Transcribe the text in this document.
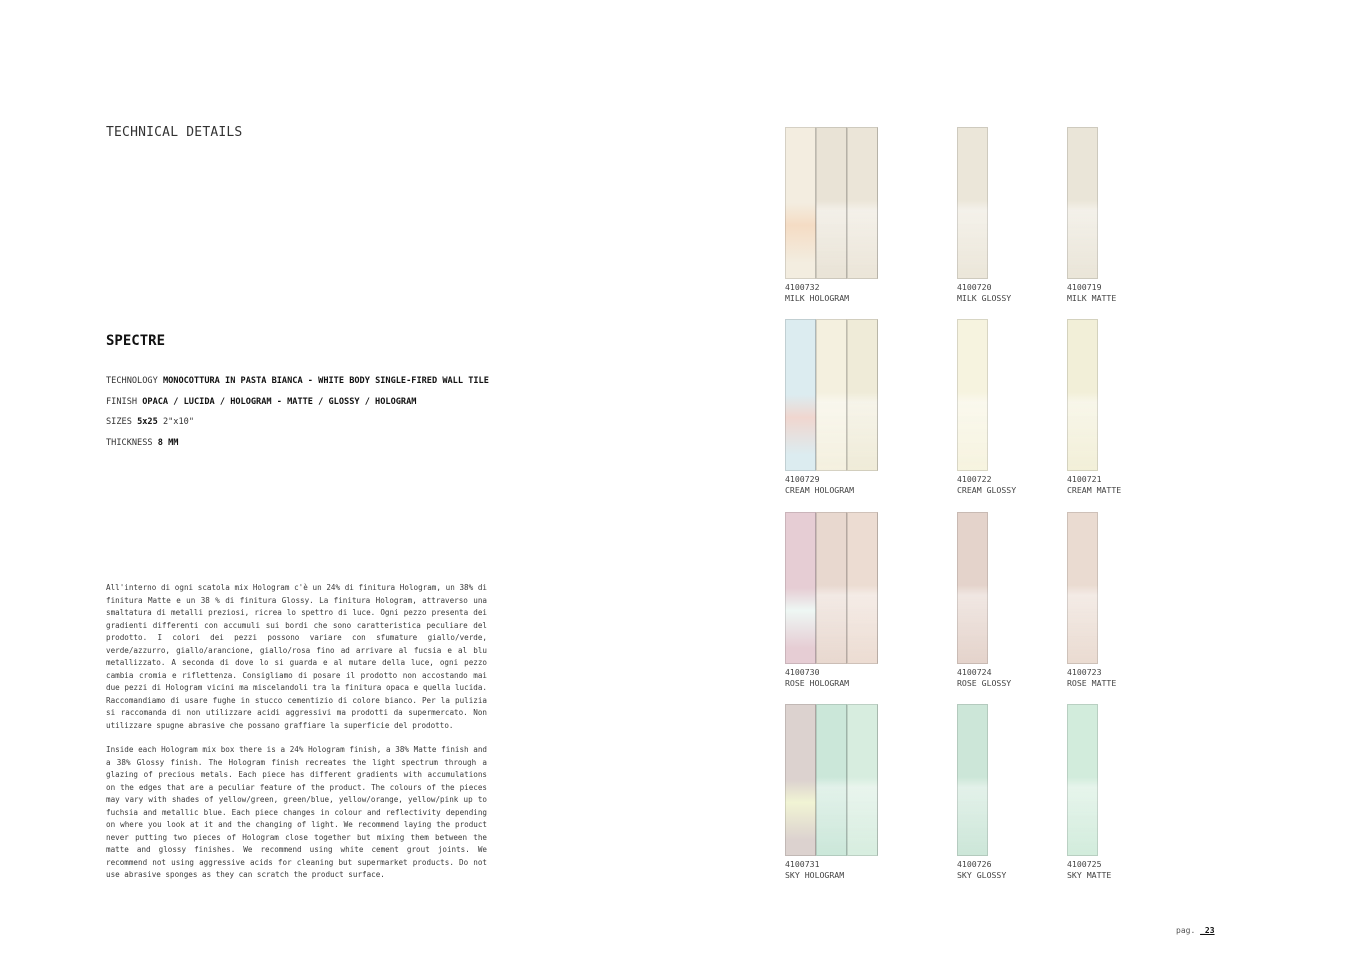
TECHNICAL DETAILS
SPECTRE
TECHNOLOGY MONOCOTTURA IN PASTA BIANCA - WHITE BODY SINGLE-FIRED WALL TILE
FINISH OPACA / LUCIDA / HOLOGRAM - MATTE / GLOSSY / HOLOGRAM
SIZES 5x25 2"x10"
THICKNESS 8 MM

All'interno di ogni scatola mix Hologram c'è un 24% di finitura Hologram, un 38% di finitura Matte e un 38 % di finitura Glossy. La finitura Hologram, attraverso una smaltatura di metalli preziosi, ricrea lo spettro di luce. Ogni pezzo presenta dei gradienti differenti con accumuli sui bordi che sono caratteristica peculiare del prodotto. I colori dei pezzi possono variare con sfumature giallo/verde, verde/azzurro, giallo/arancione, giallo/rosa fino ad arrivare al fucsia e al blu metallizzato. A seconda di dove lo si guarda e al mutare della luce, ogni pezzo cambia cromia e riflettenza. Consigliamo di posare il prodotto non accostando mai due pezzi di Hologram vicini ma miscelandoli tra la finitura opaca e quella lucida. Raccomandiamo di usare fughe in stucco cementizio di colore bianco. Per la pulizia si raccomanda di non utilizzare acidi aggressivi ma prodotti da supermercato. Non utilizzare spugne abrasive che possano graffiare la superficie del prodotto.

Inside each Hologram mix box there is a 24% Hologram finish, a 38% Matte finish and a 38% Glossy finish. The Hologram finish recreates the light spectrum through a glazing of precious metals. Each piece has different gradients with accumulations on the edges that are a peculiar feature of the product. The colours of the pieces may vary with shades of yellow/green, green/blue, yellow/orange, yellow/pink up to fuchsia and metallic blue. Each piece changes in colour and reflectivity depending on where you look at it and the changing of light. We recommend laying the product never putting two pieces of Hologram close together but mixing them between the matte and glossy finishes. We recommend using white cement grout joints. We recommend not using aggressive acids for cleaning but supermarket products. Do not use abrasive sponges as they can scratch the product surface.

4100732
MILK HOLOGRAM
4100720
MILK GLOSSY
4100719
MILK MATTE
4100729
CREAM HOLOGRAM
4100722
CREAM GLOSSY
4100721
CREAM MATTE
4100730
ROSE HOLOGRAM
4100724
ROSE GLOSSY
4100723
ROSE MATTE
4100731
SKY HOLOGRAM
4100726
SKY GLOSSY
4100725
SKY MATTE
pag. _23
